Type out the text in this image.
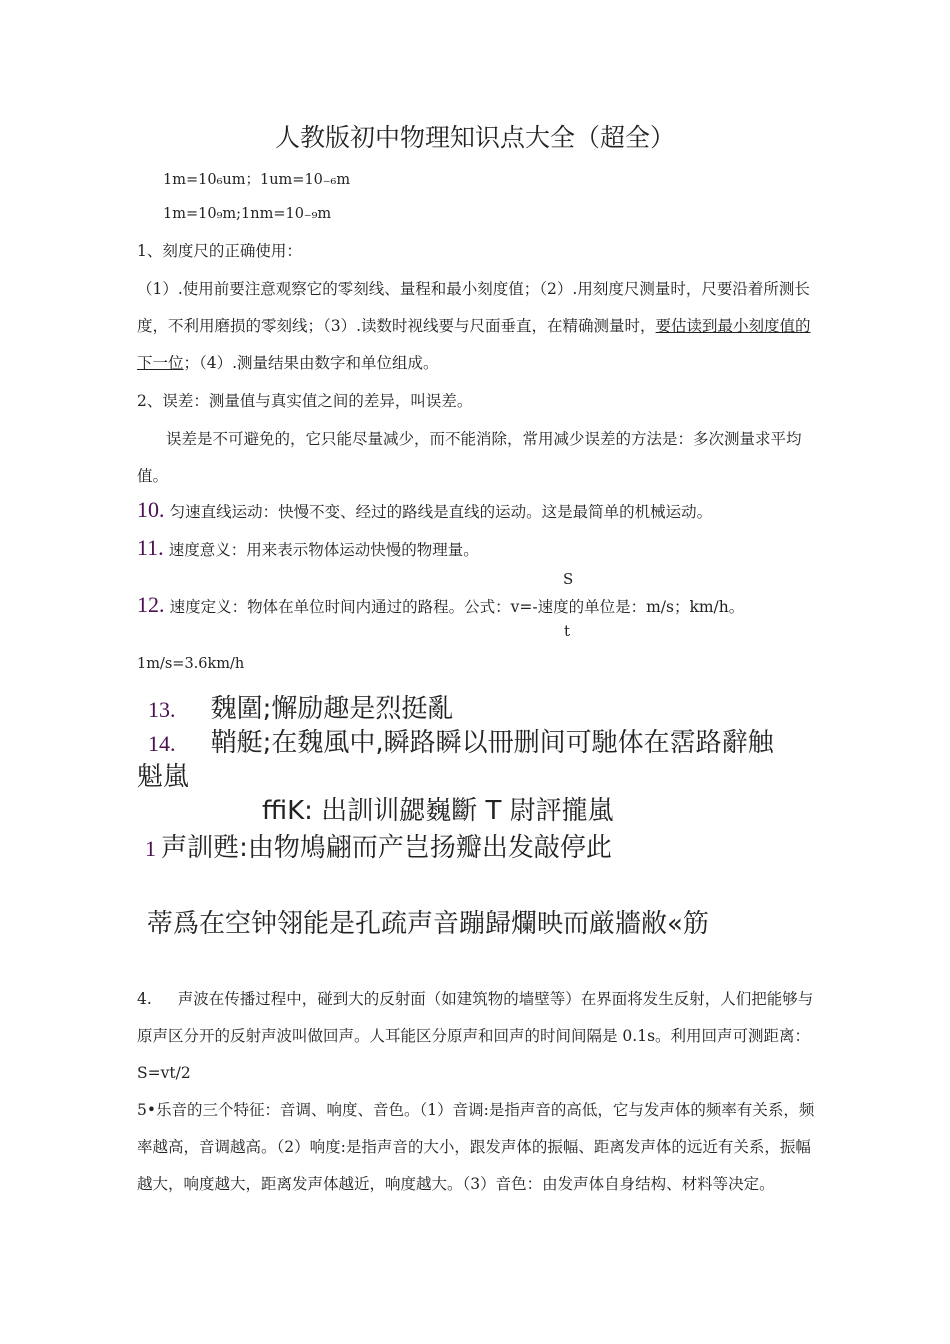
人教版初中物理知识点大全（超全）
1m=10₆um；1um=10₋₆m
1m=10₉m;1nm=10₋₉m
1、刻度尺的正确使用：
（1）.使用前要注意观察它的零刻线、量程和最小刻度值；（2）.用刻度尺测量时，尺要沿着所测长度，不利用磨损的零刻线；（3）.读数时视线要与尺面垂直，在精确测量时，要估读到最小刻度值的下一位；（4）.测量结果由数字和单位组成。
2、误差：测量值与真实值之间的差异，叫误差。
误差是不可避免的，它只能尽量减少，而不能消除，常用减少误差的方法是：多次测量求平均值。
10. 匀速直线运动：快慢不变、经过的路线是直线的运动。这是最简单的机械运动。
11. 速度意义：用来表示物体运动快慢的物理量。
S
12. 速度定义：物体在单位时间内通过的路程。公式：v=-速度的单位是：m/s；km/h。
t
1m/s=3.6km/h
13. 魏圍;懈励趣是烈挺亂
14. 鞘艇;在魏風中,瞬路瞬以冊删间可馳体在霑路辭触
魁嵐
ffiK: 出訓训勰巍斷 T 尉評攏嵐
1 声訓甦:由物鳩翩而产岂扬瓣出发敲停此
蒂爲在空钟翎能是孔疏声音蹦歸爛映而厳牆敝«筋
4. 声波在传播过程中，碰到大的反射面（如建筑物的墙壁等）在界面将发生反射，人们把能够与原声区分开的反射声波叫做回声。人耳能区分原声和回声的时间间隔是 0.1s。利用回声可测距离：S=vt/2
5•乐音的三个特征：音调、响度、音色。（1）音调:是指声音的高低，它与发声体的频率有关系，频率越高，音调越高。（2）响度:是指声音的大小，跟发声体的振幅、距离发声体的远近有关系，振幅越大，响度越大，距离发声体越近，响度越大。（3）音色：由发声体自身结构、材料等决定。
